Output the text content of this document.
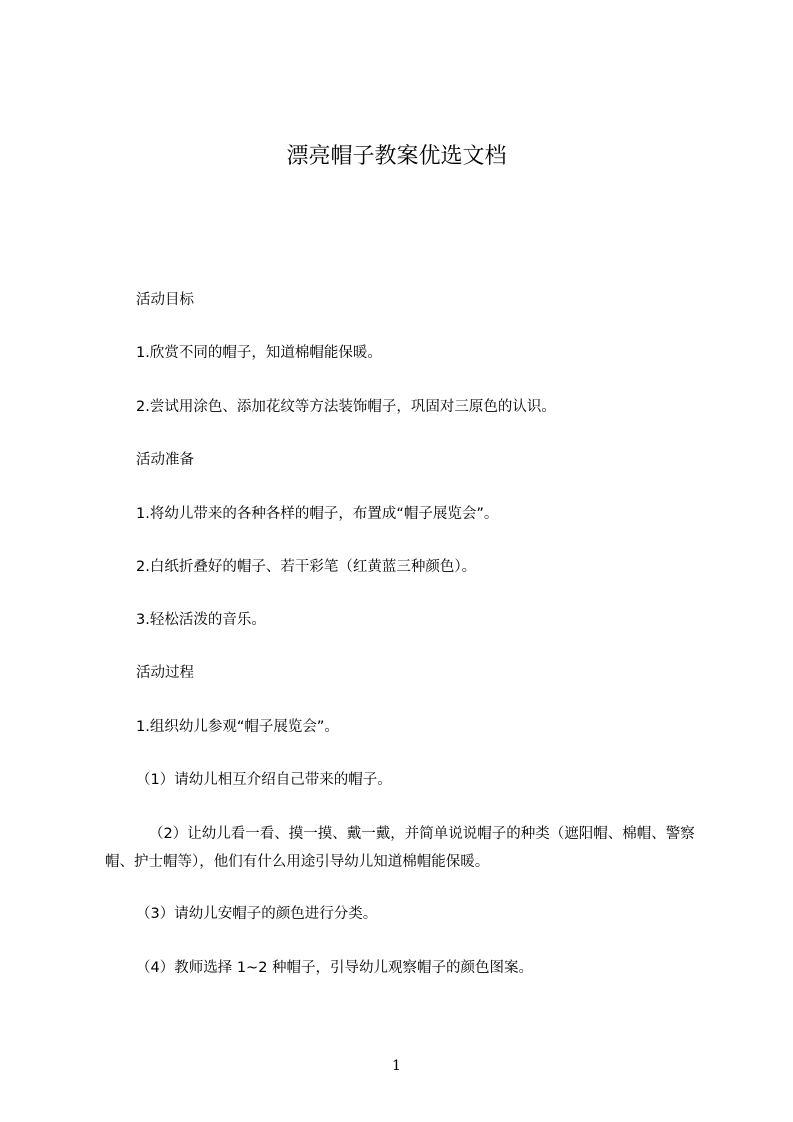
漂亮帽子教案优选文档
活动目标
1.欣赏不同的帽子，知道棉帽能保暖。
2.尝试用涂色、添加花纹等方法装饰帽子，巩固对三原色的认识。
活动准备
1.将幼儿带来的各种各样的帽子，布置成“帽子展览会”。
2.白纸折叠好的帽子、若干彩笔（红黄蓝三种颜色）。
3.轻松活泼的音乐。
活动过程
1.组织幼儿参观“帽子展览会”。
（1）请幼儿相互介绍自己带来的帽子。
（2）让幼儿看一看、摸一摸、戴一戴，并简单说说帽子的种类（遮阳帽、棉帽、警察帽、护士帽等），他们有什么用途引导幼儿知道棉帽能保暖。
（3）请幼儿安帽子的颜色进行分类。
（4）教师选择 1~2 种帽子，引导幼儿观察帽子的颜色图案。
1
